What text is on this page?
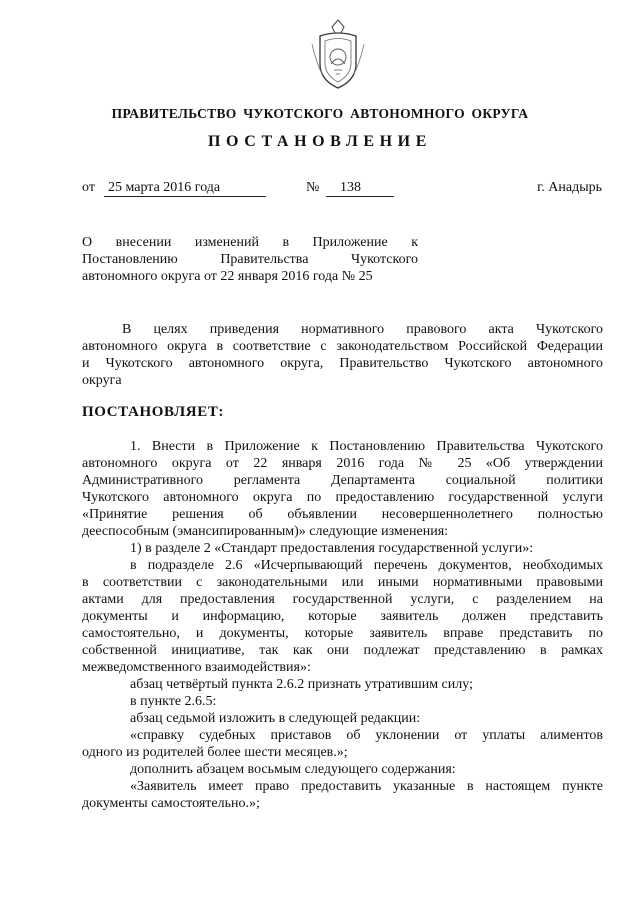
ПРАВИТЕЛЬСТВО ЧУКОТСКОГО АВТОНОМНОГО ОКРУГА
ПОСТАНОВЛЕНИЕ
от 25 марта 2016 года	№	138	г. Анадырь
О внесении изменений в Приложение к
Постановлению Правительства Чукотского
автономного округа от 22 января 2016 года № 25
В целях приведения нормативного правового акта Чукотского
автономного округа в соответствие с законодательством Российской Федерации
и Чукотского автономного округа, Правительство Чукотского автономного
округа
ПОСТАНОВЛЯЕТ:
1. Внести в Приложение к Постановлению Правительства Чукотского
автономного округа от 22 января 2016 года № 25 «Об утверждении
Административного регламента Департамента социальной политики
Чукотского автономного округа по предоставлению государственной услуги
«Принятие решения об объявлении несовершеннолетнего полностью
дееспособным (эмансипированным)» следующие изменения:
1) в разделе 2 «Стандарт предоставления государственной услуги»:
в подразделе 2.6 «Исчерпывающий перечень документов, необходимых
в соответствии с законодательными или иными нормативными правовыми
актами для предоставления государственной услуги, с разделением на
документы и информацию, которые заявитель должен представить
самостоятельно, и документы, которые заявитель вправе представить по
собственной инициативе, так как они подлежат представлению в рамках
межведомственного взаимодействия»:
абзац четвёртый пункта 2.6.2 признать утратившим силу;
в пункте 2.6.5:
абзац седьмой изложить в следующей редакции:
«справку судебных приставов об уклонении от уплаты алиментов
одного из родителей более шести месяцев.»;
дополнить абзацем восьмым следующего содержания:
«Заявитель имеет право предоставить указанные в настоящем пункте
документы самостоятельно.»;
